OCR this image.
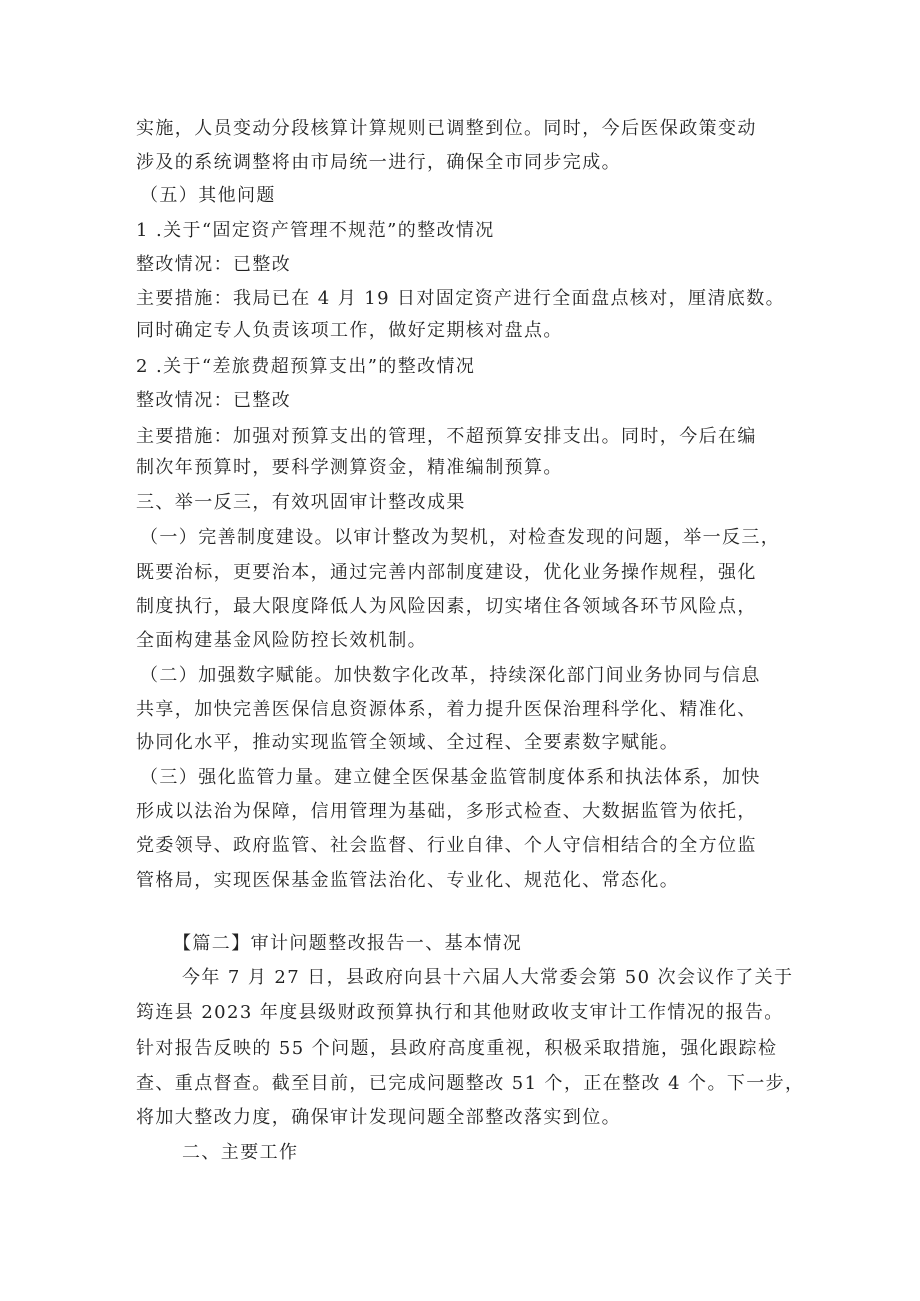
实施，人员变动分段核算计算规则已调整到位。同时，今后医保政策变动
涉及的系统调整将由市局统一进行，确保全市同步完成。
（五）其他问题
1 .关于“固定资产管理不规范”的整改情况
整改情况：已整改
主要措施：我局已在 4 月 19 日对固定资产进行全面盘点核对，厘清底数。
同时确定专人负责该项工作，做好定期核对盘点。
2 .关于“差旅费超预算支出”的整改情况
整改情况：已整改
主要措施：加强对预算支出的管理，不超预算安排支出。同时，今后在编
制次年预算时，要科学测算资金，精准编制预算。
三、举一反三，有效巩固审计整改成果
（一）完善制度建设。以审计整改为契机，对检查发现的问题，举一反三，
既要治标，更要治本，通过完善内部制度建设，优化业务操作规程，强化
制度执行，最大限度降低人为风险因素，切实堵住各领域各环节风险点，
全面构建基金风险防控长效机制。
（二）加强数字赋能。加快数字化改革，持续深化部门间业务协同与信息
共享，加快完善医保信息资源体系，着力提升医保治理科学化、精准化、
协同化水平，推动实现监管全领域、全过程、全要素数字赋能。
（三）强化监管力量。建立健全医保基金监管制度体系和执法体系，加快
形成以法治为保障，信用管理为基础，多形式检查、大数据监管为依托，
党委领导、政府监管、社会监督、行业自律、个人守信相结合的全方位监
管格局，实现医保基金监管法治化、专业化、规范化、常态化。
【篇二】审计问题整改报告一、基本情况
今年 7 月 27 日，县政府向县十六届人大常委会第 50 次会议作了关于
筠连县 2023 年度县级财政预算执行和其他财政收支审计工作情况的报告。
针对报告反映的 55 个问题，县政府高度重视，积极采取措施，强化跟踪检
查、重点督查。截至目前，已完成问题整改 51 个，正在整改 4 个。下一步，
将加大整改力度，确保审计发现问题全部整改落实到位。
二、主要工作
